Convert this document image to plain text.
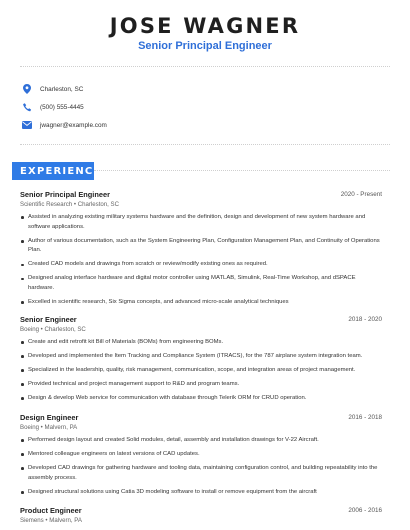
JOSE WAGNER
Senior Principal Engineer
Charleston, SC
(500) 555-4445
jwagner@example.com
EXPERIENCE
Senior Principal Engineer	2020 - Present
Scientific Research • Charleston, SC
Assisted in analyzing existing military systems hardware and the definition, design and development of new system hardware and software applications.
Author of various documentation, such as the System Engineering Plan, Configuration Management Plan, and Continuity of Operations Plan.
Created CAD models and drawings from scratch or review/modify existing ones as required.
Designed analog interface hardware and digital motor controller using MATLAB, Simulink, Real-Time Workshop, and dSPACE hardware.
Excelled in scientific research, Six Sigma concepts, and advanced micro-scale analytical techniques
Senior Engineer	2018 - 2020
Boeing • Charleston, SC
Create and edit retrofit kit Bill of Materials (BOMs) from engineering BOMs.
Developed and implemented the Item Tracking and Compliance System (ITRACS), for the 787 airplane system integration team.
Specialized in the leadership, quality, risk management, communication, scope, and integration areas of project management.
Provided technical and project management support to R&D and program teams.
Design & develop Web service for communication with database through Telerik ORM for CRUD operation.
Design Engineer	2016 - 2018
Boeing • Malvern, PA
Performed design layout and created Solid modules, detail, assembly and installation drawings for V-22 Aircraft.
Mentored colleague engineers on latest versions of CAD updates.
Developed CAD drawings for gathering hardware and tooling data, maintaining configuration control, and building repeatability into the assembly process.
Designed structural solutions using Catia 3D modeling software to install or remove equipment from the aircraft
Product Engineer	2006 - 2016
Siemens • Malvern, PA
